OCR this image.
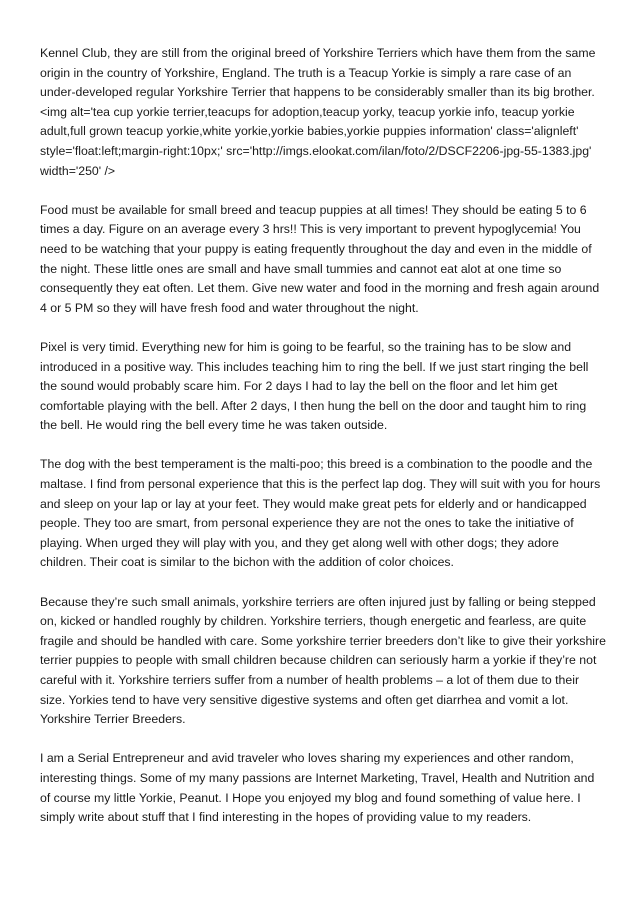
Kennel Club, they are still from the original breed of Yorkshire Terriers which have them from the same origin in the country of Yorkshire, England. The truth is a Teacup Yorkie is simply a rare case of an under-developed regular Yorkshire Terrier that happens to be considerably smaller than its big brother.<img alt='tea cup yorkie terrier,teacups for adoption,teacup yorky, teacup yorkie info, teacup yorkie adult,full grown teacup yorkie,white yorkie,yorkie babies,yorkie puppies information' class='alignleft' style='float:left;margin-right:10px;' src='http://imgs.elookat.com/ilan/foto/2/DSCF2206-jpg-55-1383.jpg' width='250' />

Food must be available for small breed and teacup puppies at all times! They should be eating 5 to 6 times a day. Figure on an average every 3 hrs!! This is very important to prevent hypoglycemia! You need to be watching that your puppy is eating frequently throughout the day and even in the middle of the night. These little ones are small and have small tummies and cannot eat alot at one time so consequently they eat often. Let them. Give new water and food in the morning and fresh again around 4 or 5 PM so they will have fresh food and water throughout the night.

Pixel is very timid. Everything new for him is going to be fearful, so the training has to be slow and introduced in a positive way. This includes teaching him to ring the bell. If we just start ringing the bell the sound would probably scare him. For 2 days I had to lay the bell on the floor and let him get comfortable playing with the bell. After 2 days, I then hung the bell on the door and taught him to ring the bell. He would ring the bell every time he was taken outside.

The dog with the best temperament is the malti-poo; this breed is a combination to the poodle and the maltase. I find from personal experience that this is the perfect lap dog. They will suit with you for hours and sleep on your lap or lay at your feet. They would make great pets for elderly and or handicapped people. They too are smart, from personal experience they are not the ones to take the initiative of playing. When urged they will play with you, and they get along well with other dogs; they adore children. Their coat is similar to the bichon with the addition of color choices.

Because they’re such small animals, yorkshire terriers are often injured just by falling or being stepped on, kicked or handled roughly by children. Yorkshire terriers, though energetic and fearless, are quite fragile and should be handled with care. Some yorkshire terrier breeders don’t like to give their yorkshire terrier puppies to people with small children because children can seriously harm a yorkie if they’re not careful with it. Yorkshire terriers suffer from a number of health problems – a lot of them due to their size. Yorkies tend to have very sensitive digestive systems and often get diarrhea and vomit a lot. Yorkshire Terrier Breeders.

I am a Serial Entrepreneur and avid traveler who loves sharing my experiences and other random, interesting things. Some of my many passions are Internet Marketing, Travel, Health and Nutrition and of course my little Yorkie, Peanut. I Hope you enjoyed my blog and found something of value here. I simply write about stuff that I find interesting in the hopes of providing value to my readers.
